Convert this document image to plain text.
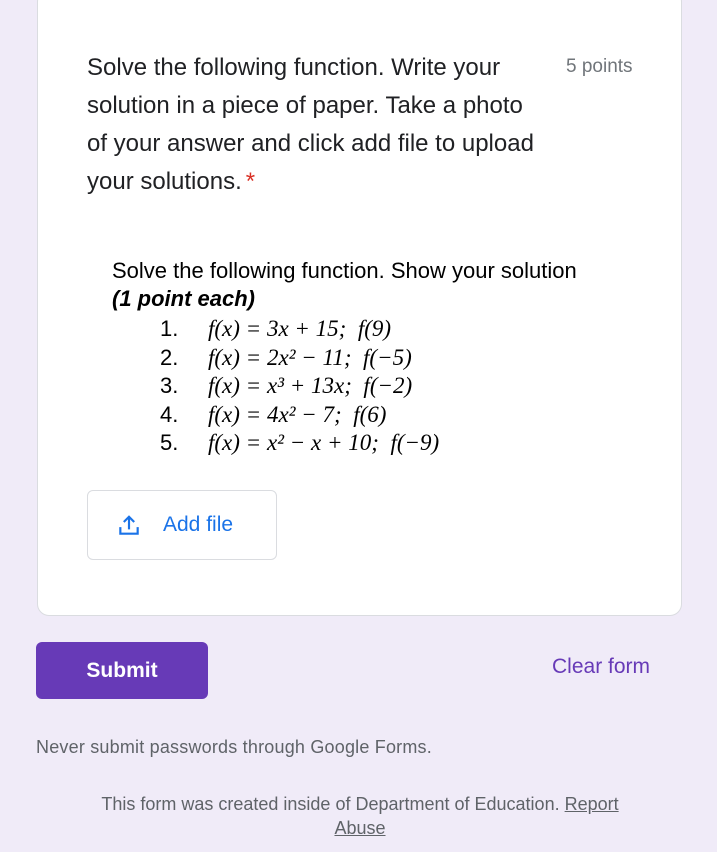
Solve the following function. Write your solution in a piece of paper. Take a photo of your answer and click add file to upload your solutions. *
5 points
Solve the following function. Show your solution
(1 point each)
1.	f(x) = 3x + 15;  f(9)
2.	f(x) = 2x² − 11;  f(−5)
3.	f(x) = x³ + 13x;  f(−2)
4.	f(x) = 4x² − 7;  f(6)
5.	f(x) = x² − x + 10;  f(−9)
Add file
Submit	Clear form
Never submit passwords through Google Forms.
This form was created inside of Department of Education. Report Abuse
